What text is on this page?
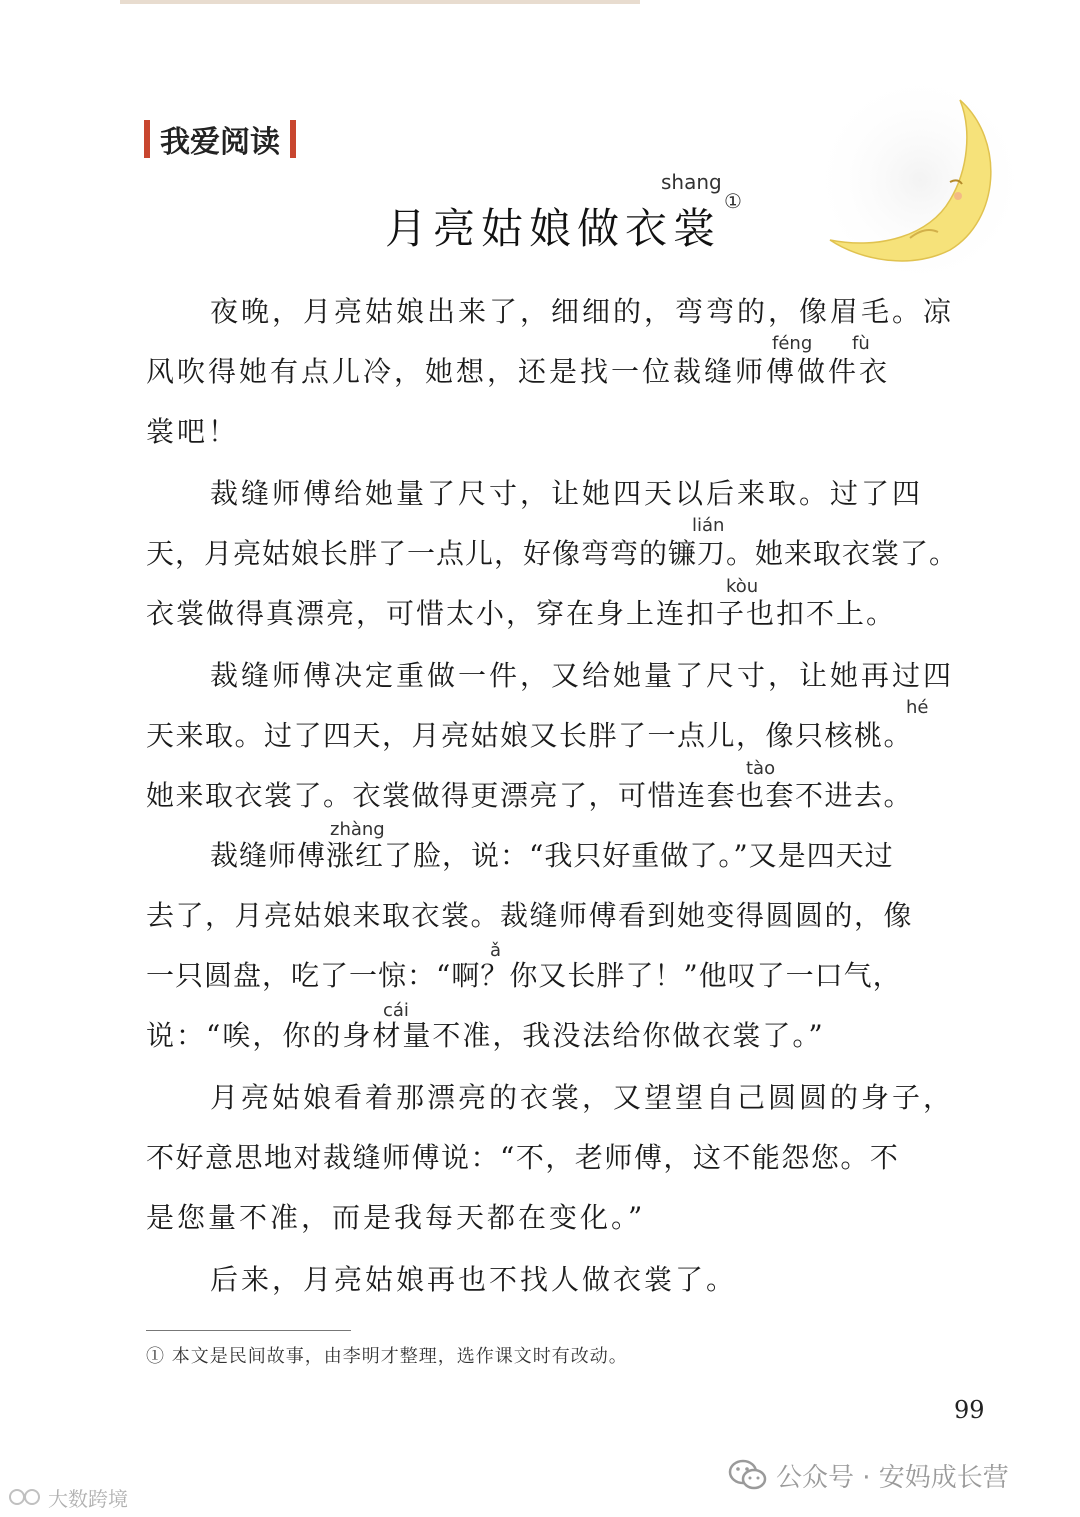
我爱阅读
shang
月亮姑娘做衣裳
①
夜晚，月亮姑娘出来了，细细的，弯弯的，像眉毛。凉
风吹得她有点儿冷，她想，还是找一位裁缝师傅做件衣
裳吧！
裁缝师傅给她量了尺寸，让她四天以后来取。过了四
天，月亮姑娘长胖了一点儿，好像弯弯的镰刀。她来取衣裳了。
衣裳做得真漂亮，可惜太小，穿在身上连扣子也扣不上。
裁缝师傅决定重做一件，又给她量了尺寸，让她再过四
天来取。过了四天，月亮姑娘又长胖了一点儿，像只核桃。
她来取衣裳了。衣裳做得更漂亮了，可惜连套也套不进去。
裁缝师傅涨红了脸，说：“我只好重做了。”又是四天过
去了，月亮姑娘来取衣裳。裁缝师傅看到她变得圆圆的，像
一只圆盘，吃了一惊：“啊？你又长胖了！”他叹了一口气，
说：“唉，你的身材量不准，我没法给你做衣裳了。”
月亮姑娘看着那漂亮的衣裳，又望望自己圆圆的身子，
不好意思地对裁缝师傅说：“不，老师傅，这不能怨您。不
是您量不准，而是我每天都在变化。”
后来，月亮姑娘再也不找人做衣裳了。
féng fù
lián
kòu
hé
tào
zhàng
ǎ
cái
① 本文是民间故事，由李明才整理，选作课文时有改动。
99
公众号 · 安妈成长营
大数跨境
